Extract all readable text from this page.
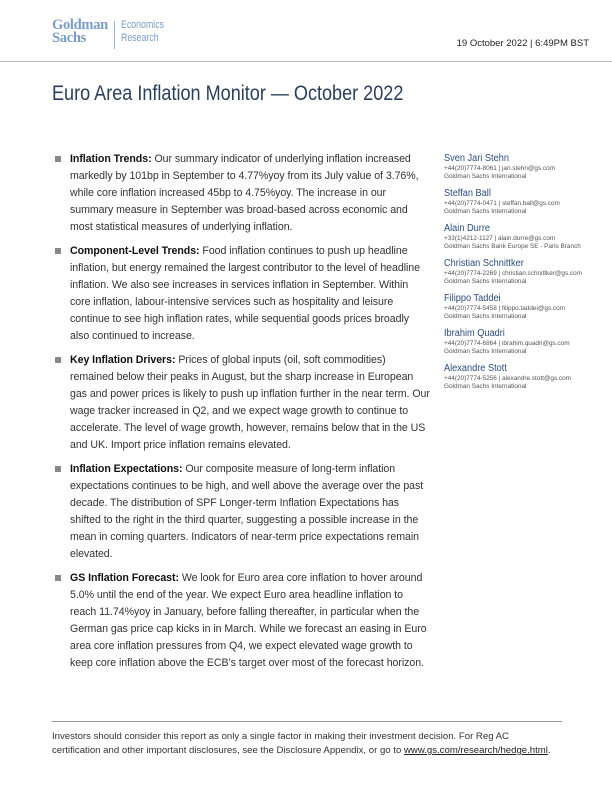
Goldman
Sachs
Economics
Research	19 October 2022 | 6:49PM BST
Euro Area Inflation Monitor — October 2022

Inflation Trends: Our summary indicator of underlying inflation increased markedly by 101bp in September to 4.77%yoy from its July value of 3.76%, while core inflation increased 45bp to 4.75%yoy. The increase in our summary measure in September was broad-based across economic and most statistical measures of underlying inflation.

Component-Level Trends: Food inflation continues to push up headline inflation, but energy remained the largest contributor to the level of headline inflation. We also see increases in services inflation in September. Within core inflation, labour-intensive services such as hospitality and leisure continue to see high inflation rates, while sequential goods prices broadly also continued to increase.

Key Inflation Drivers: Prices of global inputs (oil, soft commodities) remained below their peaks in August, but the sharp increase in European gas and power prices is likely to push up inflation further in the near term. Our wage tracker increased in Q2, and we expect wage growth to continue to accelerate. The level of wage growth, however, remains below that in the US and UK. Import price inflation remains elevated.

Inflation Expectations: Our composite measure of long-term inflation expectations continues to be high, and well above the average over the past decade. The distribution of SPF Longer-term Inflation Expectations has shifted to the right in the third quarter, suggesting a possible increase in the mean in coming quarters. Indicators of near-term price expectations remain elevated.

GS Inflation Forecast: We look for Euro area core inflation to hover around 5.0% until the end of the year. We expect Euro area headline inflation to reach 11.74%yoy in January, before falling thereafter, in particular when the German gas price cap kicks in in March. While we forecast an easing in Euro area core inflation pressures from Q4, we expect elevated wage growth to keep core inflation above the ECB’s target over most of the forecast horizon.

Sven Jari Stehn
+44(20)7774-8061 | jari.stehn@gs.com
Goldman Sachs International
Steffan Ball
+44(20)7774-0471 | steffan.ball@gs.com
Goldman Sachs International
Alain Durre
+33(1)4212-1127 | alain.durre@gs.com
Goldman Sachs Bank Europe SE - Paris Branch
Christian Schnittker
+44(20)7774-2269 | christian.schnittker@gs.com
Goldman Sachs International
Filippo Taddei
+44(20)7774-5458 | filippo.taddei@gs.com
Goldman Sachs International
Ibrahim Quadri
+44(20)7774-6864 | ibrahim.quadri@gs.com
Goldman Sachs International
Alexandre Stott
+44(20)7774-5256 | alexandre.stott@gs.com
Goldman Sachs International
Investors should consider this report as only a single factor in making their investment decision. For Reg AC certification and other important disclosures, see the Disclosure Appendix, or go to www.gs.com/research/hedge.html.
